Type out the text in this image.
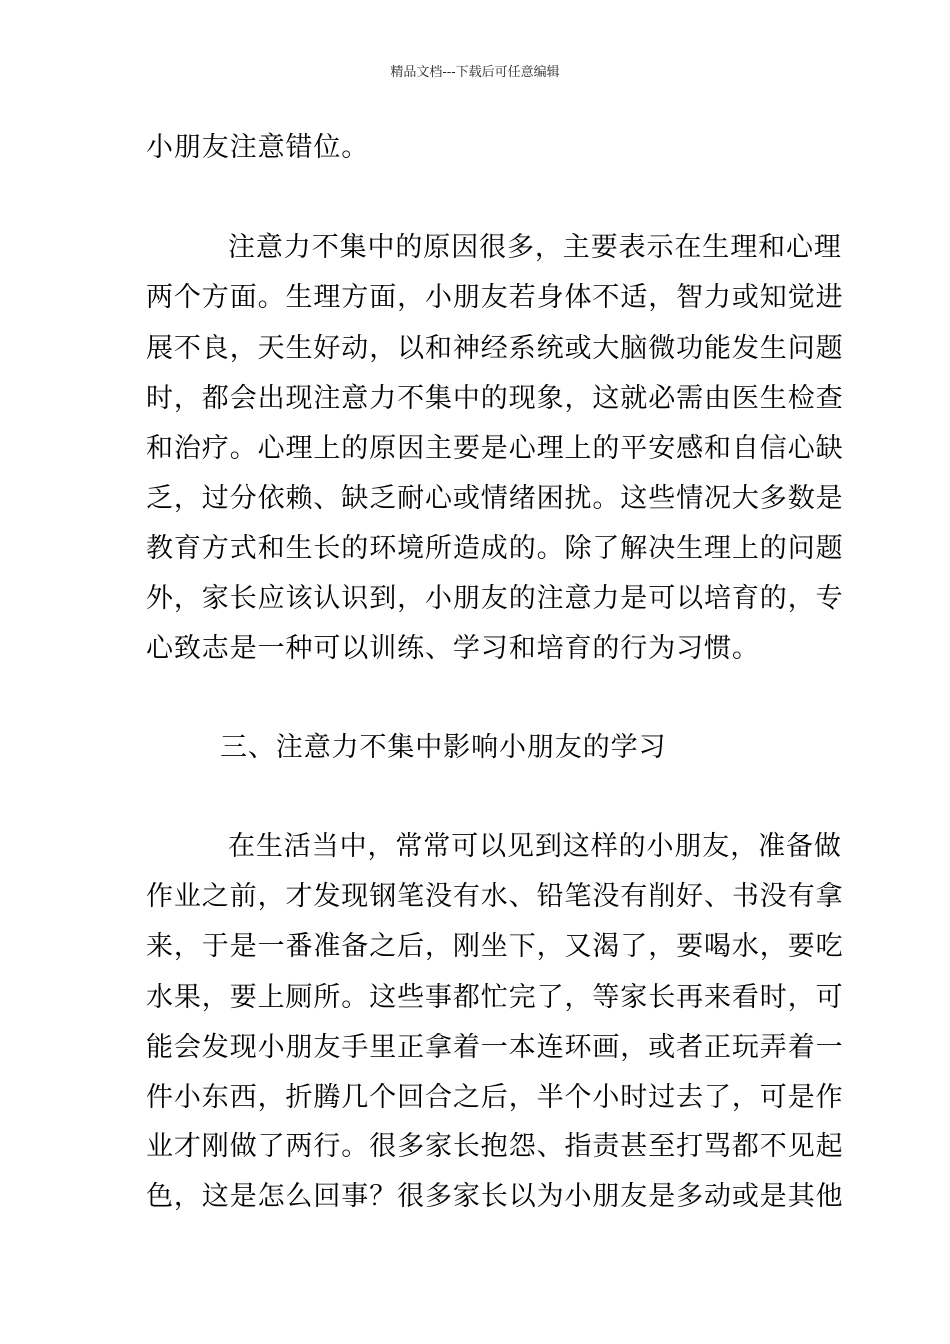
精品文档---下载后可任意编辑
小朋友注意错位。
注意力不集中的原因很多，主要表示在生理和心理
两个方面。生理方面，小朋友若身体不适，智力或知觉进
展不良，天生好动，以和神经系统或大脑微功能发生问题
时，都会出现注意力不集中的现象，这就必需由医生检查
和治疗。心理上的原因主要是心理上的平安感和自信心缺
乏，过分依赖、缺乏耐心或情绪困扰。这些情况大多数是
教育方式和生长的环境所造成的。除了解决生理上的问题
外，家长应该认识到，小朋友的注意力是可以培育的，专
心致志是一种可以训练、学习和培育的行为习惯。
三、注意力不集中影响小朋友的学习
在生活当中，常常可以见到这样的小朋友，准备做
作业之前，才发现钢笔没有水、铅笔没有削好、书没有拿
来，于是一番准备之后，刚坐下，又渴了，要喝水，要吃
水果，要上厕所。这些事都忙完了，等家长再来看时，可
能会发现小朋友手里正拿着一本连环画，或者正玩弄着一
件小东西，折腾几个回合之后，半个小时过去了，可是作
业才刚做了两行。很多家长抱怨、指责甚至打骂都不见起
色，这是怎么回事？很多家长以为小朋友是多动或是其他
